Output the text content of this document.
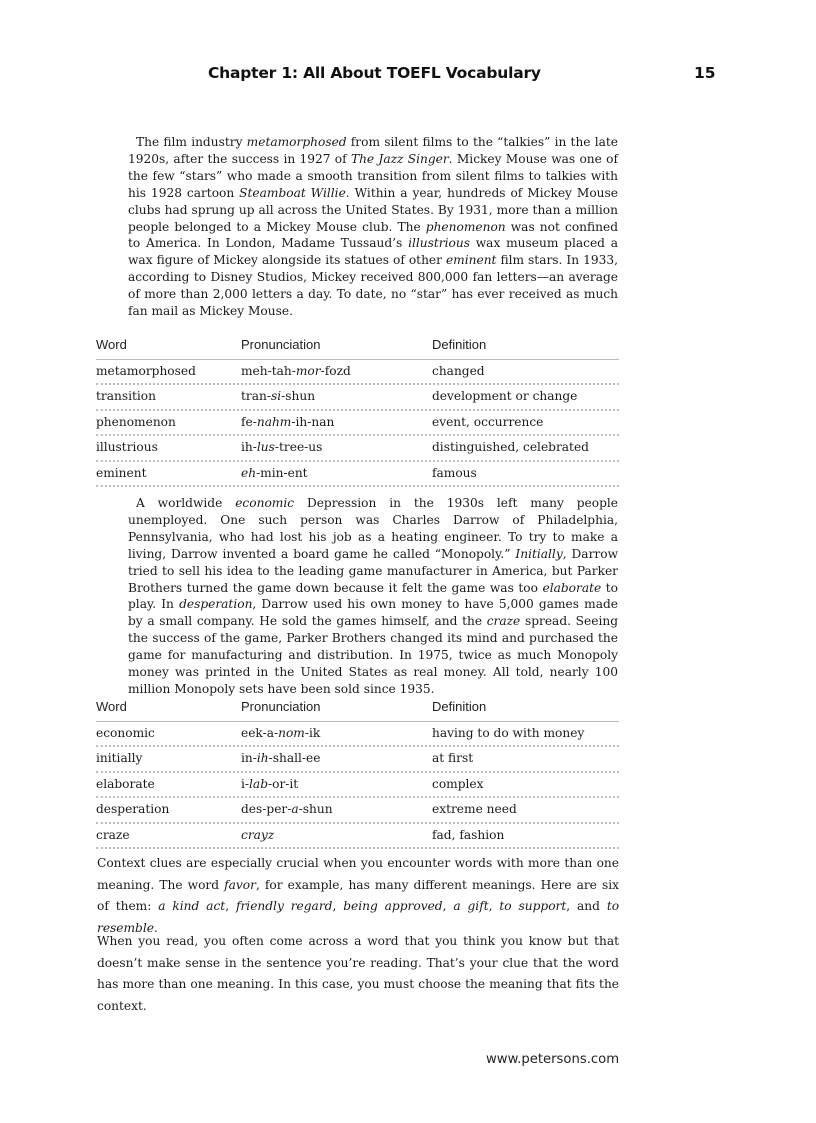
Chapter 1: All About TOEFL Vocabulary	15
The film industry metamorphosed from silent films to the “talkies” in the late 1920s, after the success in 1927 of The Jazz Singer. Mickey Mouse was one of the few “stars” who made a smooth transition from silent films to talkies with his 1928 cartoon Steamboat Willie. Within a year, hundreds of Mickey Mouse clubs had sprung up all across the United States. By 1931, more than a million people belonged to a Mickey Mouse club. The phenomenon was not confined to America. In London, Madame Tussaud’s illustrious wax museum placed a wax figure of Mickey alongside its statues of other eminent film stars. In 1933, according to Disney Studios, Mickey received 800,000 fan letters—an average of more than 2,000 letters a day. To date, no “star” has ever received as much fan mail as Mickey Mouse.
Word	Pronunciation	Definition
metamorphosed	meh-tah-mor-fozd	changed
transition	tran-si-shun	development or change
phenomenon	fe-nahm-ih-nan	event, occurrence
illustrious	ih-lus-tree-us	distinguished, celebrated
eminent	eh-min-ent	famous
A worldwide economic Depression in the 1930s left many people unemployed. One such person was Charles Darrow of Philadelphia, Pennsylvania, who had lost his job as a heating engineer. To try to make a living, Darrow invented a board game he called “Monopoly.” Initially, Darrow tried to sell his idea to the leading game manufacturer in America, but Parker Brothers turned the game down because it felt the game was too elaborate to play. In desperation, Darrow used his own money to have 5,000 games made by a small company. He sold the games himself, and the craze spread. Seeing the success of the game, Parker Brothers changed its mind and purchased the game for manufacturing and distribution. In 1975, twice as much Monopoly money was printed in the United States as real money. All told, nearly 100 million Monopoly sets have been sold since 1935.
Word	Pronunciation	Definition
economic	eek-a-nom-ik	having to do with money
initially	in-ih-shall-ee	at first
elaborate	i-lab-or-it	complex
desperation	des-per-a-shun	extreme need
craze	crayz	fad, fashion
Context clues are especially crucial when you encounter words with more than one meaning. The word favor, for example, has many different meanings. Here are six of them: a kind act, friendly regard, being approved, a gift, to support, and to resemble.
When you read, you often come across a word that you think you know but that doesn’t make sense in the sentence you’re reading. That’s your clue that the word has more than one meaning. In this case, you must choose the meaning that fits the context.
www.petersons.com
